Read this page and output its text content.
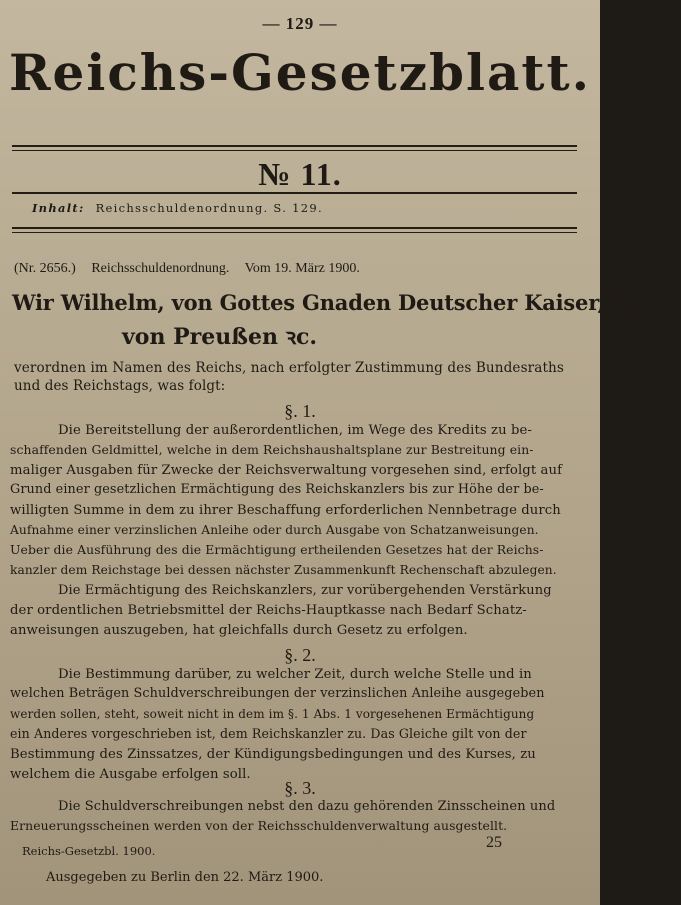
— 129 —
Reichs-Gesetzblatt.
№ 11.
Inhalt: Reichsschuldenordnung. S. 129.
(Nr. 2656.) Reichsschuldenordnung. Vom 19. März 1900.
Wir Wilhelm, von Gottes Gnaden Deutscher Kaiser, König
von Preußen ꝛc.
verordnen im Namen des Reichs, nach erfolgter Zustimmung des Bundesraths
und des Reichstags, was folgt:
§. 1.
Die Bereitstellung der außerordentlichen, im Wege des Kredits zu be-
schaffenden Geldmittel, welche in dem Reichshaushaltsplane zur Bestreitung ein-
maliger Ausgaben für Zwecke der Reichsverwaltung vorgesehen sind, erfolgt auf
Grund einer gesetzlichen Ermächtigung des Reichskanzlers bis zur Höhe der be-
willigten Summe in dem zu ihrer Beschaffung erforderlichen Nennbetrage durch
Aufnahme einer verzinslichen Anleihe oder durch Ausgabe von Schatzanweisungen.
Ueber die Ausführung des die Ermächtigung ertheilenden Gesetzes hat der Reichs-
kanzler dem Reichstage bei dessen nächster Zusammenkunft Rechenschaft abzulegen.
Die Ermächtigung des Reichskanzlers, zur vorübergehenden Verstärkung
der ordentlichen Betriebsmittel der Reichs-Hauptkasse nach Bedarf Schatz-
anweisungen auszugeben, hat gleichfalls durch Gesetz zu erfolgen.
§. 2.
Die Bestimmung darüber, zu welcher Zeit, durch welche Stelle und in
welchen Beträgen Schuldverschreibungen der verzinslichen Anleihe ausgegeben
werden sollen, steht, soweit nicht in dem im §. 1 Abs. 1 vorgesehenen Ermächtigung
ein Anderes vorgeschrieben ist, dem Reichskanzler zu. Das Gleiche gilt von der
Bestimmung des Zinssatzes, der Kündigungsbedingungen und des Kurses, zu
welchem die Ausgabe erfolgen soll.
§. 3.
Die Schuldverschreibungen nebst den dazu gehörenden Zinsscheinen und
Erneuerungsscheinen werden von der Reichsschuldenverwaltung ausgestellt.
Reichs-Gesetzbl. 1900.	25
Ausgegeben zu Berlin den 22. März 1900.
